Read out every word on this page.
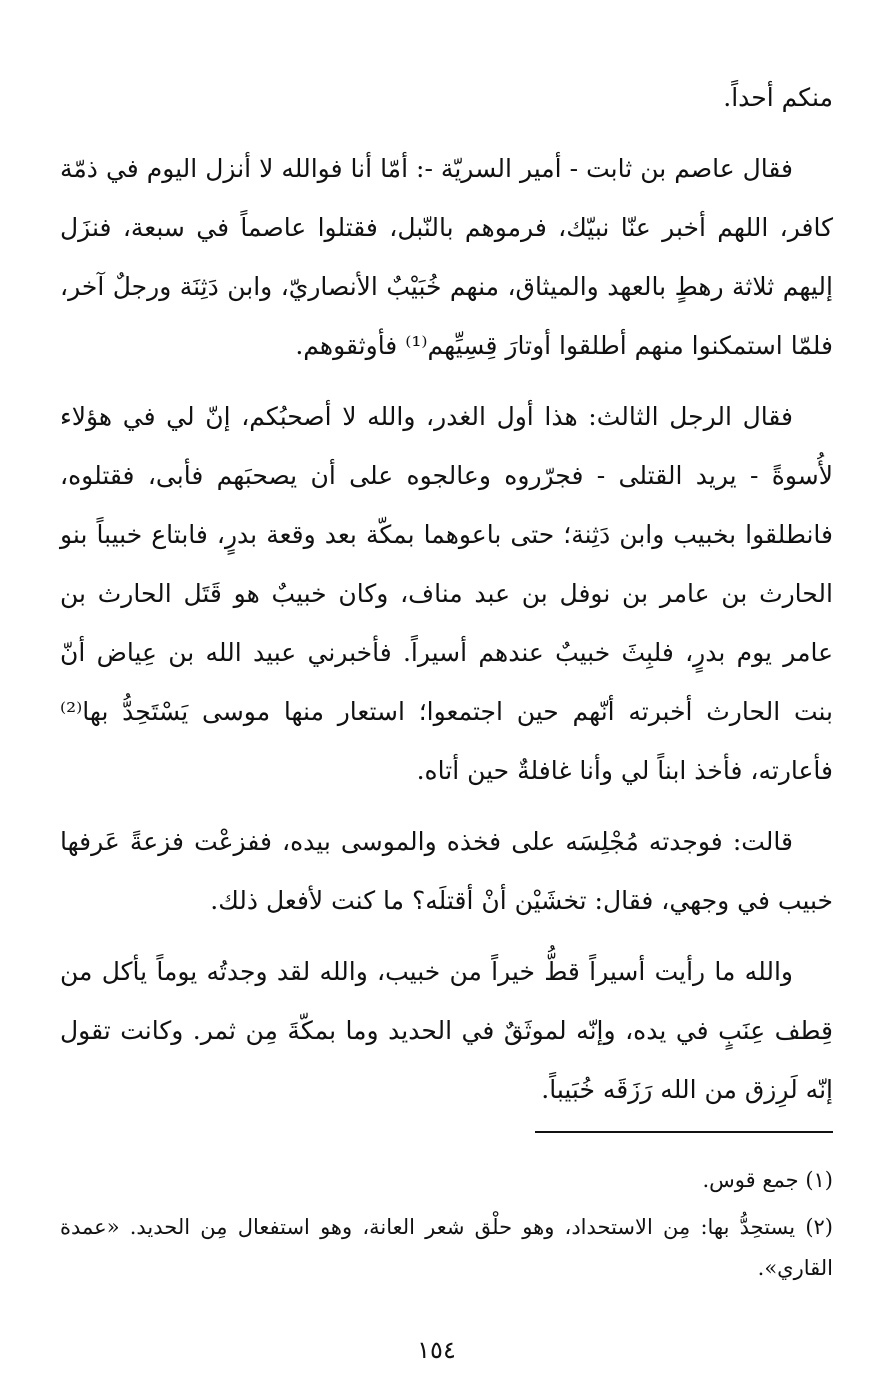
منكم أحداً.

فقال عاصم بن ثابت - أمير السريّة -: أمّا أنا فوالله لا أنزل اليوم في ذمّة كافر، اللهم أخبر عنّا نبيّك، فرموهم بالنّبل، فقتلوا عاصماً في سبعة، فنزَل إليهم ثلاثة رهطٍ بالعهد والميثاق، منهم خُبَيْبٌ الأنصاريّ، وابن دَثِنَة ورجلٌ آخر، فلمّا استمكنوا منهم أطلقوا أوتارَ قِسِيِّهم⁽¹⁾ فأوثقوهم.

فقال الرجل الثالث: هذا أول الغدر، والله لا أصحبُكم، إنّ لي في هؤلاء لأُسوةً - يريد القتلى - فجرّروه وعالجوه على أن يصحبَهم فأبى، فقتلوه، فانطلقوا بخبيب وابن دَثِنة؛ حتى باعوهما بمكّة بعد وقعة بدرٍ، فابتاع خبيباً بنو الحارث بن عامر بن نوفل بن عبد مناف، وكان خبيبٌ هو قَتَل الحارث بن عامر يوم بدرٍ، فلبِثَ خبيبٌ عندهم أسيراً. فأخبرني عبيد الله بن عِياض أنّ بنت الحارث أخبرته أنّهم حين اجتمعوا؛ استعار منها موسى يَسْتَحِدُّ بها⁽²⁾ فأعارته، فأخذ ابناً لي وأنا غافلةٌ حين أتاه.

قالت: فوجدته مُجْلِسَه على فخذه والموسى بيده، ففزعْت فزعةً عَرفها خبيب في وجهي، فقال: تخشَيْن أنْ أقتلَه؟ ما كنت لأفعل ذلك.

والله ما رأيت أسيراً قطُّ خيراً من خبيب، والله لقد وجدتُه يوماً يأكل من قِطف عِنَبٍ في يده، وإنّه لموثَقٌ في الحديد وما بمكّةَ مِن ثمر. وكانت تقول إنّه لَرِزق من الله رَزَقَه خُبَيباً.

(١) جمع قوس.

(٢) يستحِدُّ بها: مِن الاستحداد، وهو حلْق شعر العانة، وهو استفعال مِن الحديد. «عمدة القاري».

١٥٤
